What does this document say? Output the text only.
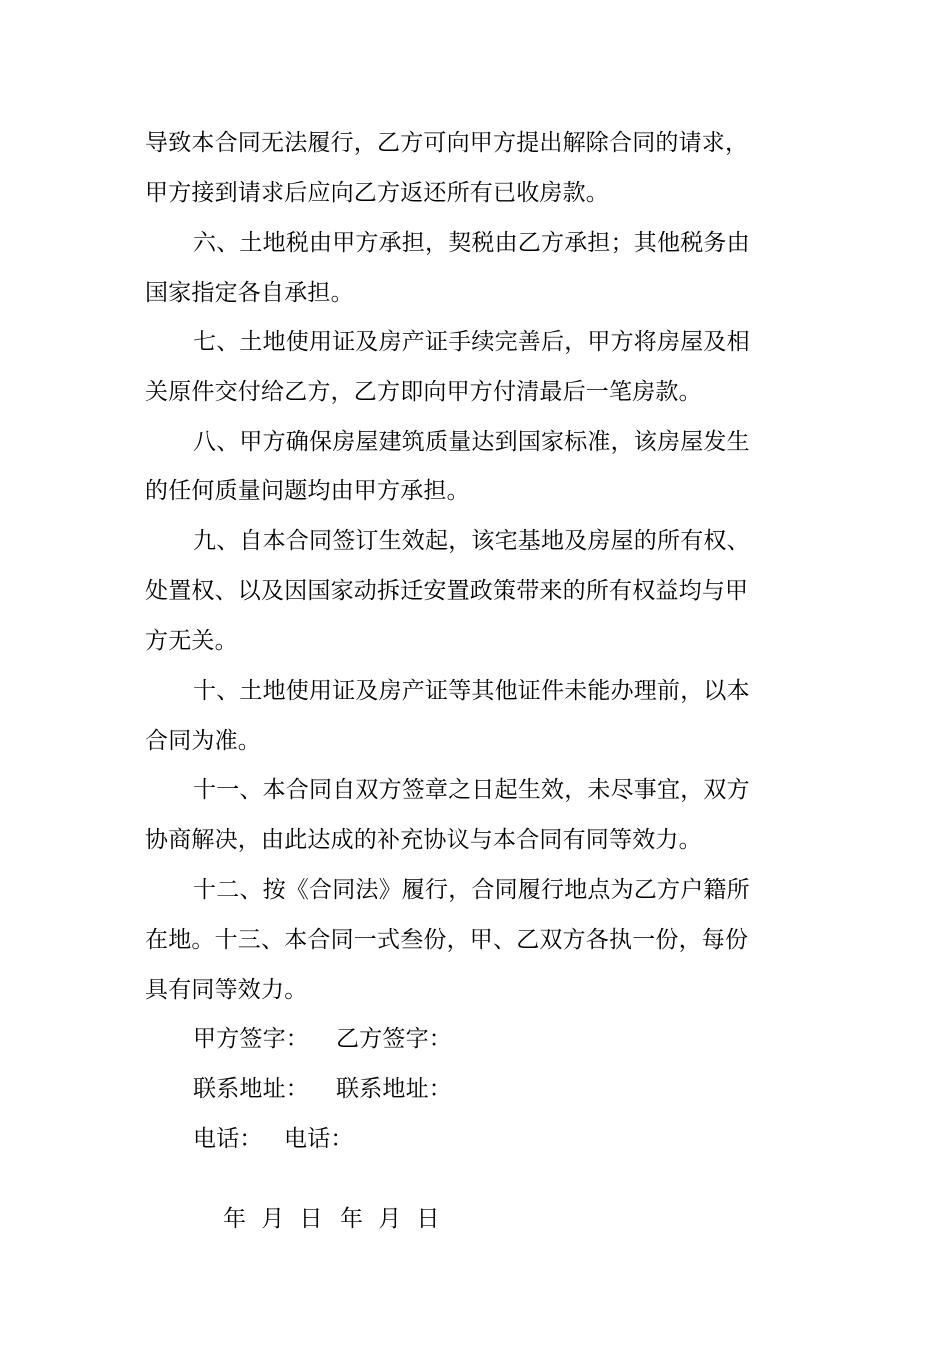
导致本合同无法履行，乙方可向甲方提出解除合同的请求，
甲方接到请求后应向乙方返还所有已收房款。
六、土地税由甲方承担，契税由乙方承担；其他税务由
国家指定各自承担。
七、土地使用证及房产证手续完善后，甲方将房屋及相
关原件交付给乙方，乙方即向甲方付清最后一笔房款。
八、甲方确保房屋建筑质量达到国家标准，该房屋发生
的任何质量问题均由甲方承担。
九、自本合同签订生效起，该宅基地及房屋的所有权、
处置权、以及因国家动拆迁安置政策带来的所有权益均与甲
方无关。
十、土地使用证及房产证等其他证件未能办理前，以本
合同为准。
十一、本合同自双方签章之日起生效，未尽事宜，双方
协商解决，由此达成的补充协议与本合同有同等效力。
十二、按《合同法》履行，合同履行地点为乙方户籍所
在地。十三、本合同一式叁份，甲、乙双方各执一份，每份
具有同等效力。
甲方签字： 乙方签字：
联系地址： 联系地址：
电话： 电话：

年  月  日 年  月  日
